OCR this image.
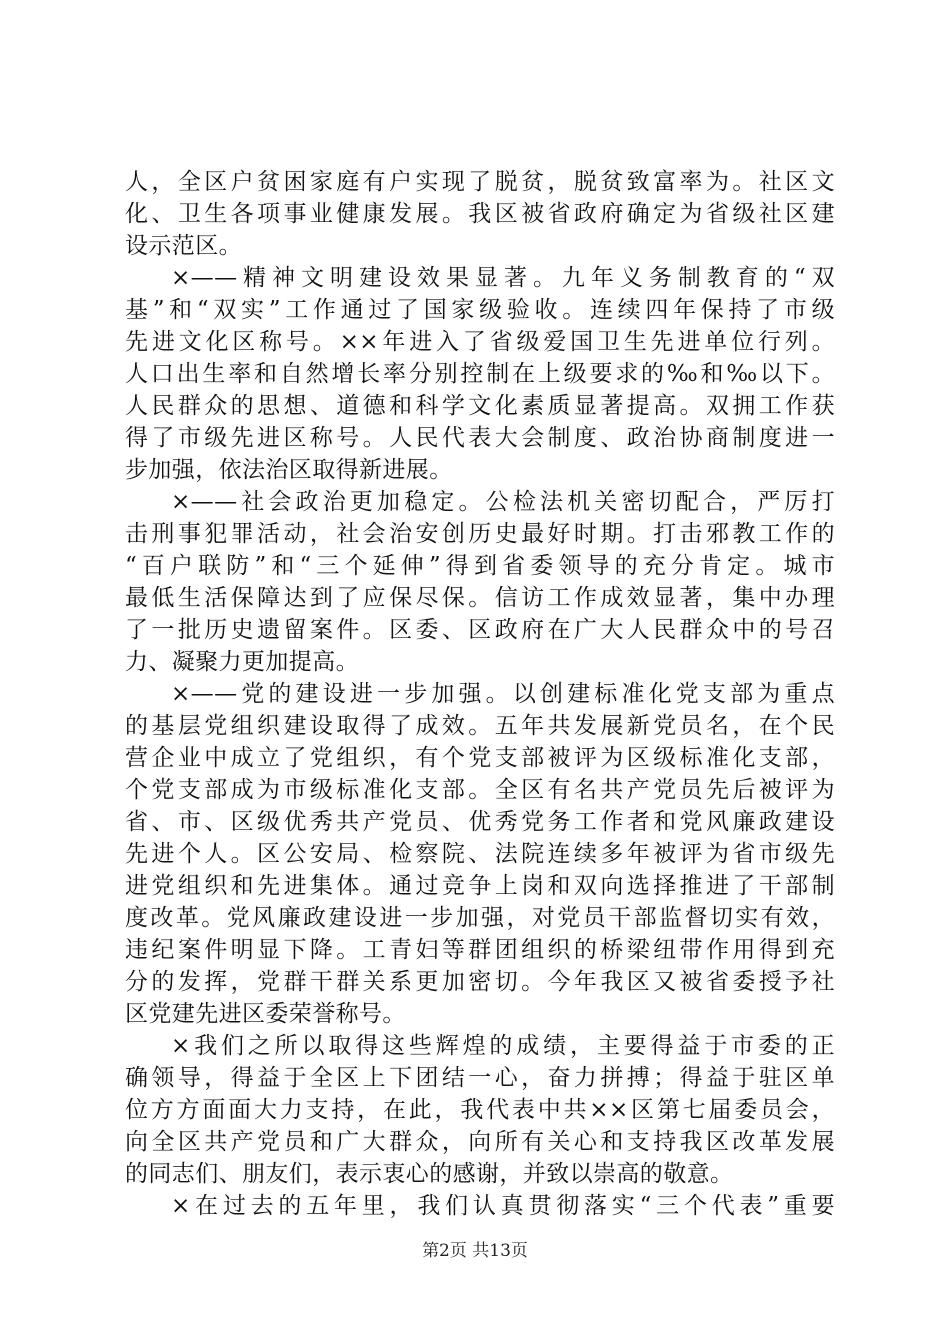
人，全区户贫困家庭有户实现了脱贫，脱贫致富率为。社区文
化、卫生各项事业健康发展。我区被省政府确定为省级社区建
设示范区。
×——精神文明建设效果显著。九年义务制教育的“双
基”和“双实”工作通过了国家级验收。连续四年保持了市级
先进文化区称号。××年进入了省级爱国卫生先进单位行列。
人口出生率和自然增长率分别控制在上级要求的‰和‰以下。
人民群众的思想、道德和科学文化素质显著提高。双拥工作获
得了市级先进区称号。人民代表大会制度、政治协商制度进一
步加强，依法治区取得新进展。
×——社会政治更加稳定。公检法机关密切配合，严厉打
击刑事犯罪活动，社会治安创历史最好时期。打击邪教工作的
“百户联防”和“三个延伸”得到省委领导的充分肯定。城市
最低生活保障达到了应保尽保。信访工作成效显著，集中办理
了一批历史遗留案件。区委、区政府在广大人民群众中的号召
力、凝聚力更加提高。
×——党的建设进一步加强。以创建标准化党支部为重点
的基层党组织建设取得了成效。五年共发展新党员名，在个民
营企业中成立了党组织，有个党支部被评为区级标准化支部，
个党支部成为市级标准化支部。全区有名共产党员先后被评为
省、市、区级优秀共产党员、优秀党务工作者和党风廉政建设
先进个人。区公安局、检察院、法院连续多年被评为省市级先
进党组织和先进集体。通过竞争上岗和双向选择推进了干部制
度改革。党风廉政建设进一步加强，对党员干部监督切实有效，
违纪案件明显下降。工青妇等群团组织的桥梁纽带作用得到充
分的发挥，党群干群关系更加密切。今年我区又被省委授予社
区党建先进区委荣誉称号。
×我们之所以取得这些辉煌的成绩，主要得益于市委的正
确领导，得益于全区上下团结一心，奋力拼搏；得益于驻区单
位方方面面大力支持，在此，我代表中共××区第七届委员会，
向全区共产党员和广大群众，向所有关心和支持我区改革发展
的同志们、朋友们，表示衷心的感谢，并致以崇高的敬意。
×在过去的五年里，我们认真贯彻落实“三个代表”重要
第2页 共13页
